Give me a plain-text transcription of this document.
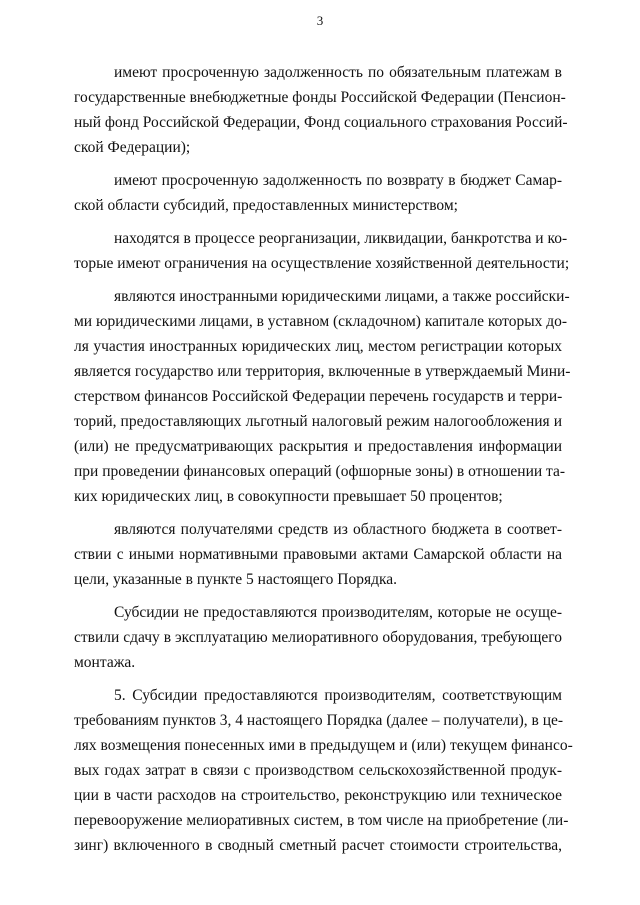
3
имеют просроченную задолженность по обязательным платежам в
государственные внебюджетные фонды Российской Федерации (Пенсион-
ный фонд Российской Федерации, Фонд социального страхования Россий-
ской Федерации);
имеют просроченную задолженность по возврату в бюджет Самар-
ской области субсидий, предоставленных министерством;
находятся в процессе реорганизации, ликвидации, банкротства и ко-
торые имеют ограничения на осуществление хозяйственной деятельности;
являются иностранными юридическими лицами, а также российски-
ми юридическими лицами, в уставном (складочном) капитале которых до-
ля участия иностранных юридических лиц, местом регистрации которых
является государство или территория, включенные в утверждаемый Мини-
стерством финансов Российской Федерации перечень государств и терри-
торий, предоставляющих льготный налоговый режим налогообложения и
(или) не предусматривающих раскрытия и предоставления информации
при проведении финансовых операций (офшорные зоны) в отношении та-
ких юридических лиц, в совокупности превышает 50 процентов;
являются получателями средств из областного бюджета в соответ-
ствии с иными нормативными правовыми актами Самарской области на
цели, указанные в пункте 5 настоящего Порядка.
Субсидии не предоставляются производителям, которые не осуще-
ствили сдачу в эксплуатацию мелиоративного оборудования, требующего
монтажа.
5. Субсидии предоставляются производителям, соответствующим
требованиям пунктов 3, 4 настоящего Порядка (далее – получатели), в це-
лях возмещения понесенных ими в предыдущем и (или) текущем финансо-
вых годах затрат в связи с производством сельскохозяйственной продук-
ции в части расходов на строительство, реконструкцию или техническое
перевооружение мелиоративных систем, в том числе на приобретение (ли-
зинг) включенного в сводный сметный расчет стоимости строительства,
